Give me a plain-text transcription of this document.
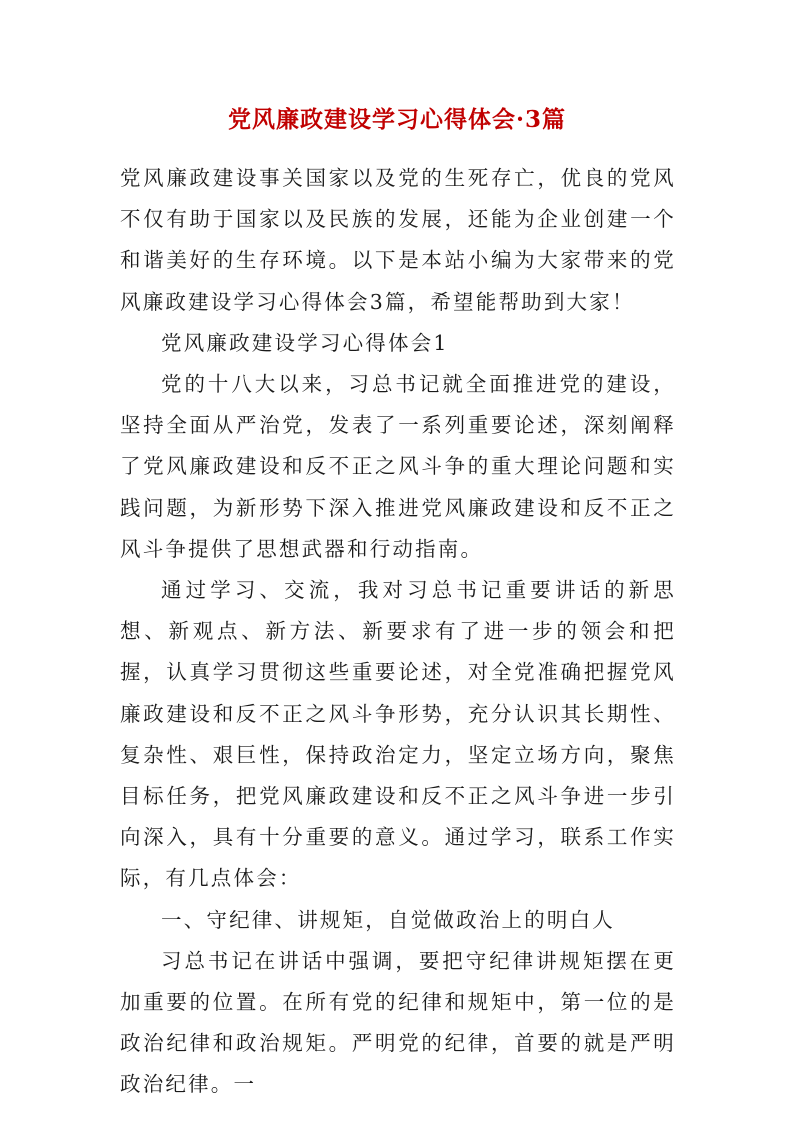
党风廉政建设学习心得体会·3篇

党风廉政建设事关国家以及党的生死存亡，优良的党风不仅有助于国家以及民族的发展，还能为企业创建一个和谐美好的生存环境。以下是本站小编为大家带来的党风廉政建设学习心得体会3篇，希望能帮助到大家！

党风廉政建设学习心得体会1

党的十八大以来，习总书记就全面推进党的建设，坚持全面从严治党，发表了一系列重要论述，深刻阐释了党风廉政建设和反不正之风斗争的重大理论问题和实践问题，为新形势下深入推进党风廉政建设和反不正之风斗争提供了思想武器和行动指南。

通过学习、交流，我对习总书记重要讲话的新思想、新观点、新方法、新要求有了进一步的领会和把握，认真学习贯彻这些重要论述，对全党准确把握党风廉政建设和反不正之风斗争形势，充分认识其长期性、复杂性、艰巨性，保持政治定力，坚定立场方向，聚焦目标任务，把党风廉政建设和反不正之风斗争进一步引向深入，具有十分重要的意义。通过学习，联系工作实际，有几点体会：

一、守纪律、讲规矩，自觉做政治上的明白人

习总书记在讲话中强调，要把守纪律讲规矩摆在更加重要的位置。在所有党的纪律和规矩中，第一位的是政治纪律和政治规矩。严明党的纪律，首要的就是严明政治纪律。一
